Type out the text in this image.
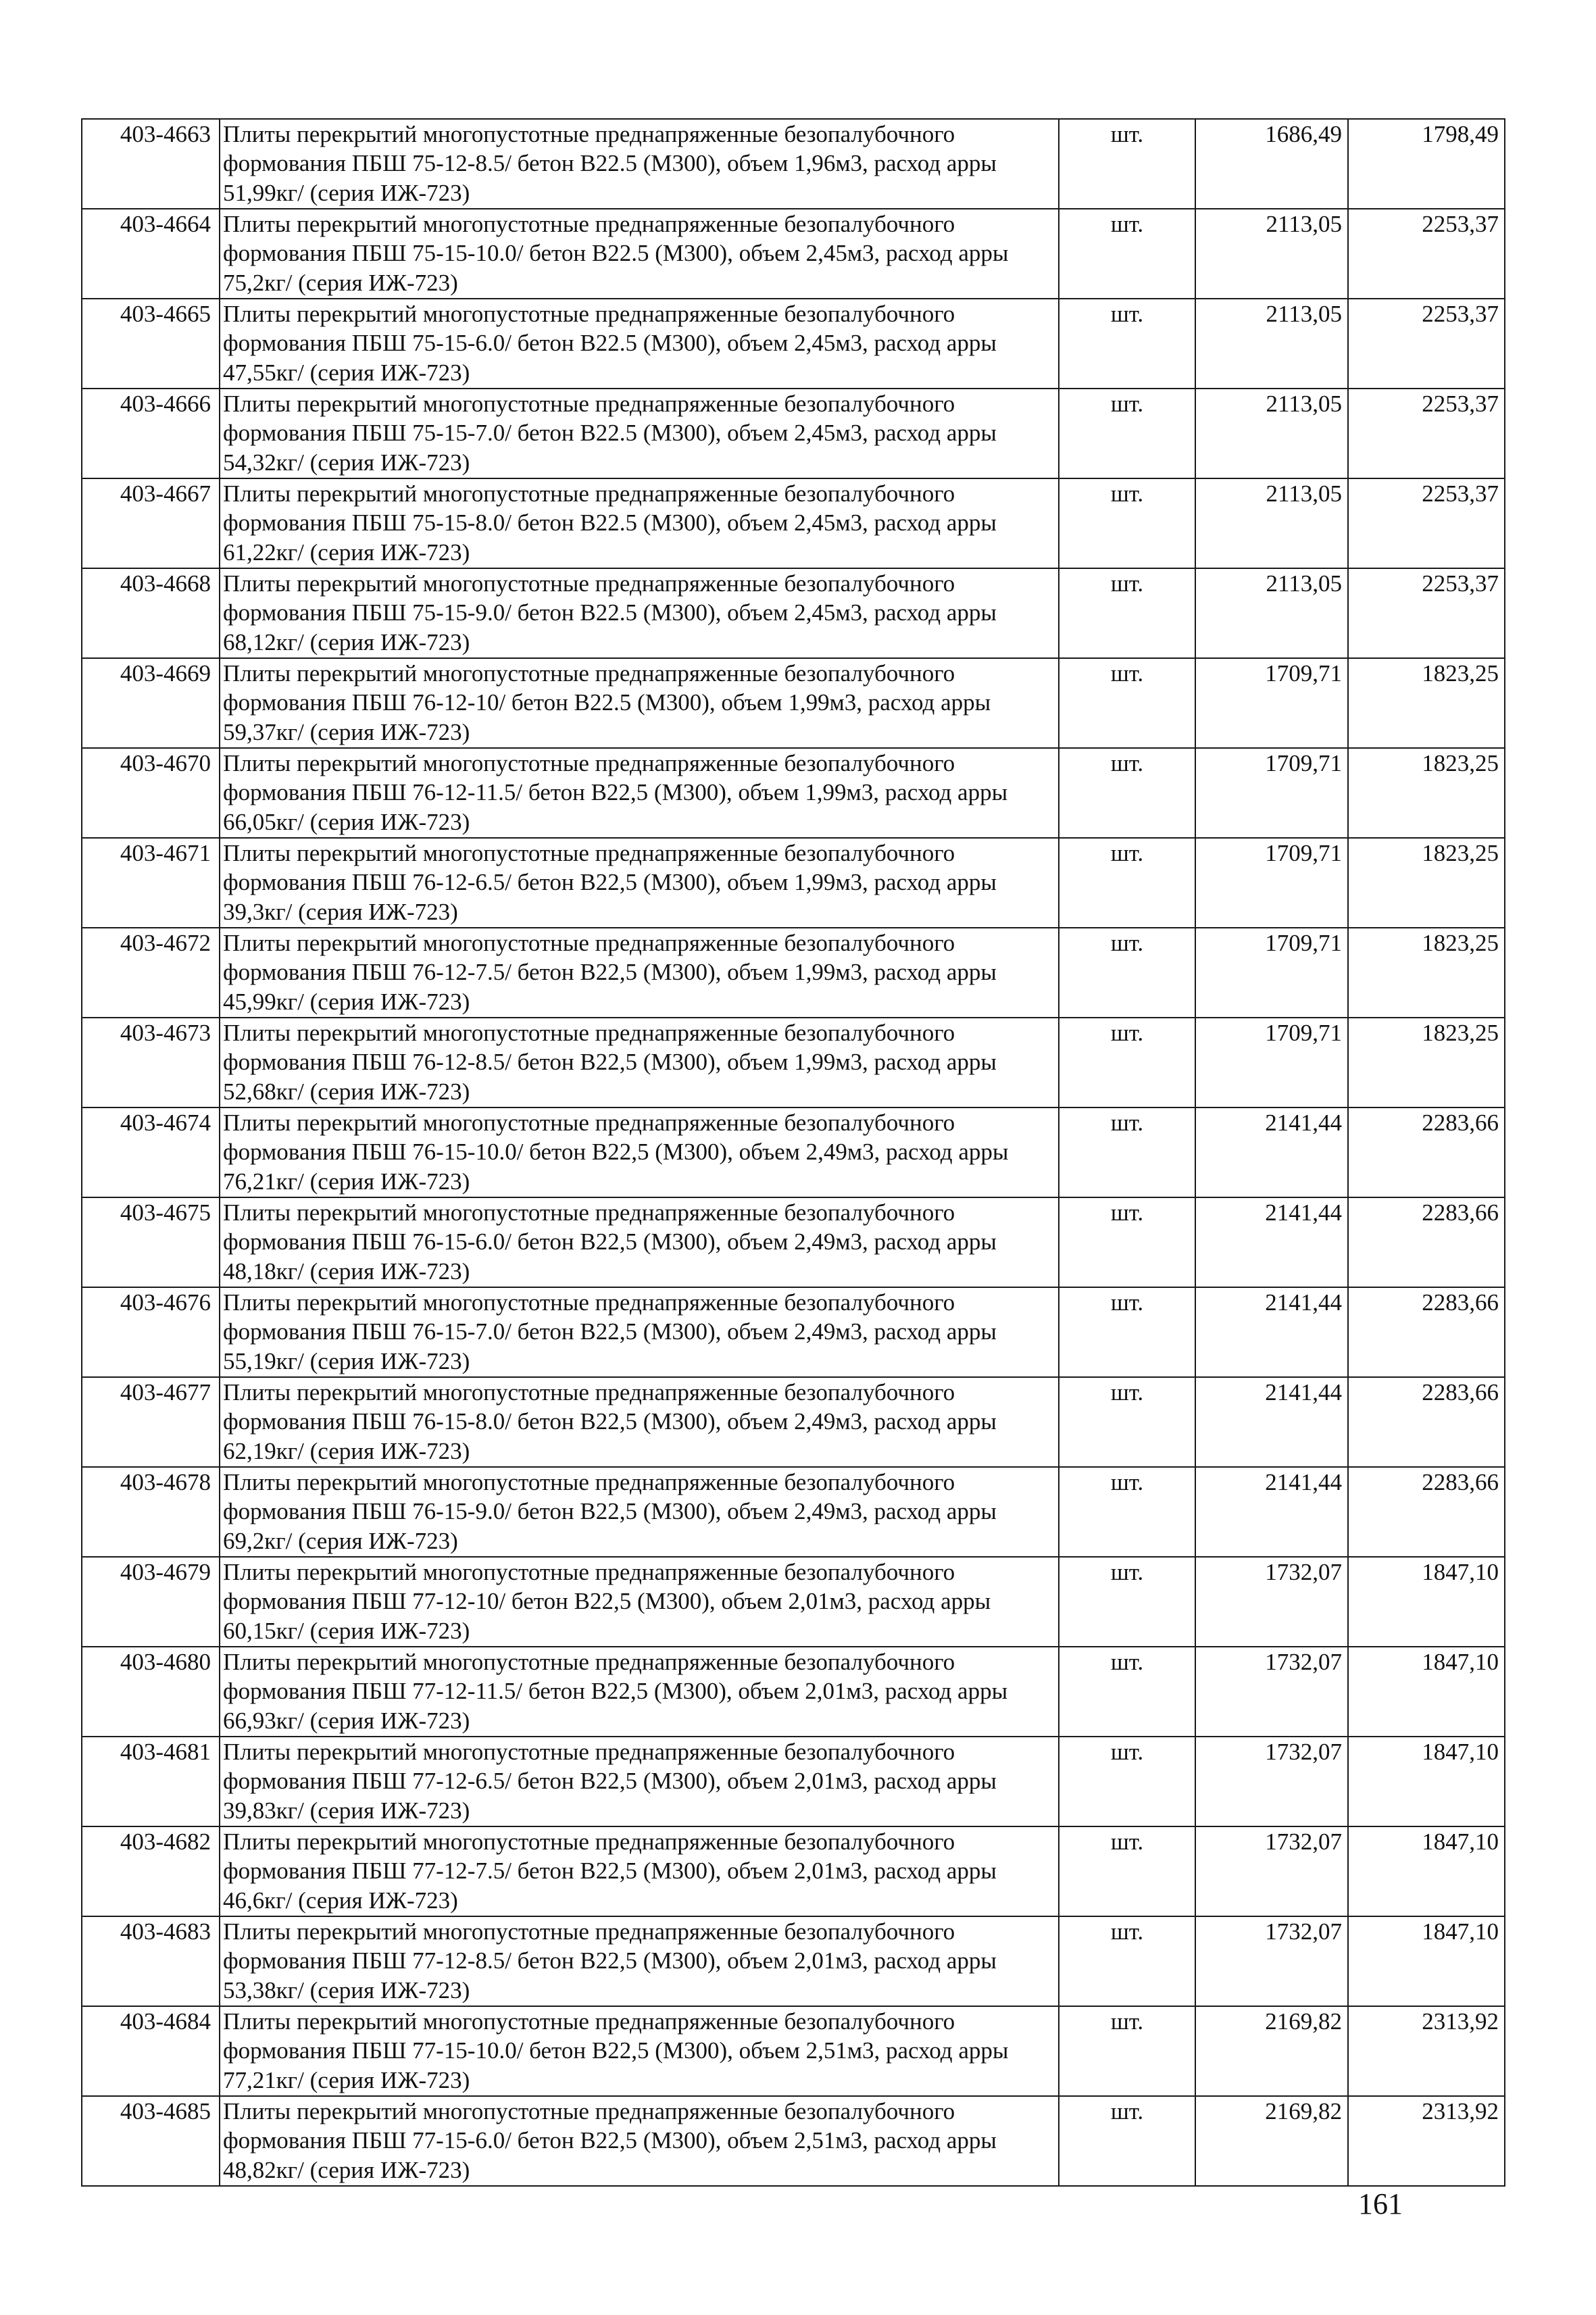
403-4663	Плиты перекрытий многопустотные преднапряженные безопалубочного формования ПБШ 75-12-8.5/ бетон В22.5 (М300), объем 1,96м3, расход арры 51,99кг/ (серия ИЖ-723)	шт.	1686,49	1798,49
403-4664	Плиты перекрытий многопустотные преднапряженные безопалубочного формования ПБШ 75-15-10.0/ бетон В22.5 (М300), объем 2,45м3, расход арры 75,2кг/ (серия ИЖ-723)	шт.	2113,05	2253,37
403-4665	Плиты перекрытий многопустотные преднапряженные безопалубочного формования ПБШ 75-15-6.0/ бетон В22.5 (М300), объем 2,45м3, расход арры 47,55кг/ (серия ИЖ-723)	шт.	2113,05	2253,37
403-4666	Плиты перекрытий многопустотные преднапряженные безопалубочного формования ПБШ 75-15-7.0/ бетон В22.5 (М300), объем 2,45м3, расход арры 54,32кг/ (серия ИЖ-723)	шт.	2113,05	2253,37
403-4667	Плиты перекрытий многопустотные преднапряженные безопалубочного формования ПБШ 75-15-8.0/ бетон В22.5 (М300), объем 2,45м3, расход арры 61,22кг/ (серия ИЖ-723)	шт.	2113,05	2253,37
403-4668	Плиты перекрытий многопустотные преднапряженные безопалубочного формования ПБШ 75-15-9.0/ бетон В22.5 (М300), объем 2,45м3, расход арры 68,12кг/ (серия ИЖ-723)	шт.	2113,05	2253,37
403-4669	Плиты перекрытий многопустотные преднапряженные безопалубочного формования ПБШ 76-12-10/ бетон В22.5 (М300), объем 1,99м3, расход арры 59,37кг/ (серия ИЖ-723)	шт.	1709,71	1823,25
403-4670	Плиты перекрытий многопустотные преднапряженные безопалубочного формования ПБШ 76-12-11.5/ бетон В22,5 (М300), объем 1,99м3, расход арры 66,05кг/ (серия ИЖ-723)	шт.	1709,71	1823,25
403-4671	Плиты перекрытий многопустотные преднапряженные безопалубочного формования ПБШ 76-12-6.5/ бетон В22,5 (М300), объем 1,99м3, расход арры 39,3кг/ (серия ИЖ-723)	шт.	1709,71	1823,25
403-4672	Плиты перекрытий многопустотные преднапряженные безопалубочного формования ПБШ 76-12-7.5/ бетон В22,5 (М300), объем 1,99м3, расход арры 45,99кг/ (серия ИЖ-723)	шт.	1709,71	1823,25
403-4673	Плиты перекрытий многопустотные преднапряженные безопалубочного формования ПБШ 76-12-8.5/ бетон В22,5 (М300), объем 1,99м3, расход арры 52,68кг/ (серия ИЖ-723)	шт.	1709,71	1823,25
403-4674	Плиты перекрытий многопустотные преднапряженные безопалубочного формования ПБШ 76-15-10.0/ бетон В22,5 (М300), объем 2,49м3, расход арры 76,21кг/ (серия ИЖ-723)	шт.	2141,44	2283,66
403-4675	Плиты перекрытий многопустотные преднапряженные безопалубочного формования ПБШ 76-15-6.0/ бетон В22,5 (М300), объем 2,49м3, расход арры 48,18кг/ (серия ИЖ-723)	шт.	2141,44	2283,66
403-4676	Плиты перекрытий многопустотные преднапряженные безопалубочного формования ПБШ 76-15-7.0/ бетон В22,5 (М300), объем 2,49м3, расход арры 55,19кг/ (серия ИЖ-723)	шт.	2141,44	2283,66
403-4677	Плиты перекрытий многопустотные преднапряженные безопалубочного формования ПБШ 76-15-8.0/ бетон В22,5 (М300), объем 2,49м3, расход арры 62,19кг/ (серия ИЖ-723)	шт.	2141,44	2283,66
403-4678	Плиты перекрытий многопустотные преднапряженные безопалубочного формования ПБШ 76-15-9.0/ бетон В22,5 (М300), объем 2,49м3, расход арры 69,2кг/ (серия ИЖ-723)	шт.	2141,44	2283,66
403-4679	Плиты перекрытий многопустотные преднапряженные безопалубочного формования ПБШ 77-12-10/ бетон В22,5 (М300), объем 2,01м3, расход арры 60,15кг/ (серия ИЖ-723)	шт.	1732,07	1847,10
403-4680	Плиты перекрытий многопустотные преднапряженные безопалубочного формования ПБШ 77-12-11.5/ бетон В22,5 (М300), объем 2,01м3, расход арры 66,93кг/ (серия ИЖ-723)	шт.	1732,07	1847,10
403-4681	Плиты перекрытий многопустотные преднапряженные безопалубочного формования ПБШ 77-12-6.5/ бетон В22,5 (М300), объем 2,01м3, расход арры 39,83кг/ (серия ИЖ-723)	шт.	1732,07	1847,10
403-4682	Плиты перекрытий многопустотные преднапряженные безопалубочного формования ПБШ 77-12-7.5/ бетон В22,5 (М300), объем 2,01м3, расход арры 46,6кг/ (серия ИЖ-723)	шт.	1732,07	1847,10
403-4683	Плиты перекрытий многопустотные преднапряженные безопалубочного формования ПБШ 77-12-8.5/ бетон В22,5 (М300), объем 2,01м3, расход арры 53,38кг/ (серия ИЖ-723)	шт.	1732,07	1847,10
403-4684	Плиты перекрытий многопустотные преднапряженные безопалубочного формования ПБШ 77-15-10.0/ бетон В22,5 (М300), объем 2,51м3, расход арры 77,21кг/ (серия ИЖ-723)	шт.	2169,82	2313,92
403-4685	Плиты перекрытий многопустотные преднапряженные безопалубочного формования ПБШ 77-15-6.0/ бетон В22,5 (М300), объем 2,51м3, расход арры 48,82кг/ (серия ИЖ-723)	шт.	2169,82	2313,92
161
